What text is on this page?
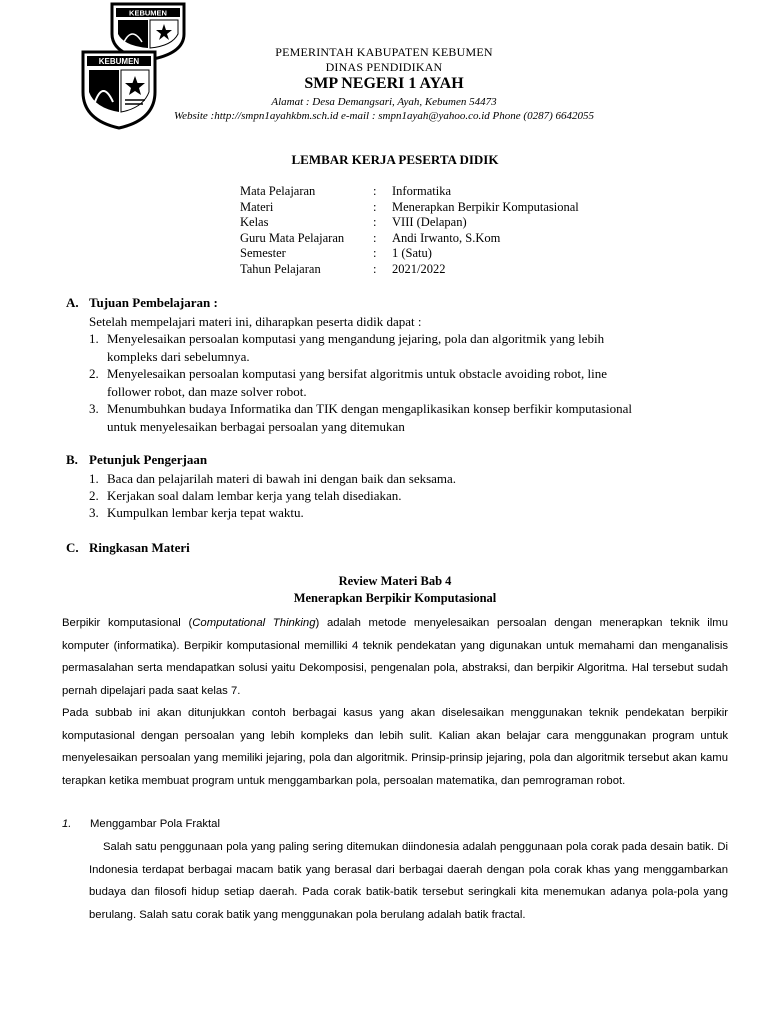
KEBUMEN
KEBUMEN
PEMERINTAH KABUPATEN KEBUMEN
DINAS PENDIDIKAN
SMP NEGERI 1 AYAH
Alamat : Desa Demangsari, Ayah, Kebumen 54473
Website :http://smpn1ayahkbm.sch.id e-mail : smpn1ayah@yahoo.co.id Phone (0287) 6642055
LEMBAR KERJA PESERTA DIDIK
Mata Pelajaran	:	Informatika
Materi	:	Menerapkan Berpikir Komputasional
Kelas	:	VIII (Delapan)
Guru Mata Pelajaran	:	Andi Irwanto, S.Kom
Semester	:	1 (Satu)
Tahun Pelajaran	:	2021/2022
A. Tujuan Pembelajaran :
Setelah mempelajari materi ini, diharapkan peserta didik dapat :
1. Menyelesaikan persoalan komputasi yang mengandung jejaring, pola dan algoritmik yang lebih
kompleks dari sebelumnya.
2. Menyelesaikan persoalan komputasi yang bersifat algoritmis untuk obstacle avoiding robot, line
follower robot, dan maze solver robot.
3. Menumbuhkan budaya Informatika dan TIK dengan mengaplikasikan konsep berfikir komputasional
untuk menyelesaikan berbagai persoalan yang ditemukan
B. Petunjuk Pengerjaan
1. Baca dan pelajarilah materi di bawah ini dengan baik dan seksama.
2. Kerjakan soal dalam lembar kerja yang telah disediakan.
3. Kumpulkan lembar kerja tepat waktu.
C. Ringkasan Materi
Review Materi Bab 4
Menerapkan Berpikir Komputasional
Berpikir komputasional (Computational Thinking) adalah metode menyelesaikan persoalan dengan menerapkan teknik ilmu komputer (informatika). Berpikir komputasional memilliki 4 teknik pendekatan yang digunakan untuk memahami dan menganalisis permasalahan serta mendapatkan solusi yaitu Dekomposisi, pengenalan pola, abstraksi, dan berpikir Algoritma. Hal tersebut sudah pernah dipelajari pada saat kelas 7.
Pada subbab ini akan ditunjukkan contoh berbagai kasus yang akan diselesaikan menggunakan teknik pendekatan berpikir komputasional dengan persoalan yang lebih kompleks dan lebih sulit. Kalian akan belajar cara menggunakan program untuk menyelesaikan persoalan yang memiliki jejaring, pola dan algoritmik. Prinsip-prinsip jejaring, pola dan algoritmik tersebut akan kamu terapkan ketika membuat program untuk menggambarkan pola, persoalan matematika, dan pemrograman robot.
1. Menggambar Pola Fraktal
Salah satu penggunaan pola yang paling sering ditemukan diindonesia adalah penggunaan pola corak pada desain batik. Di Indonesia terdapat berbagai macam batik yang berasal dari berbagai daerah dengan pola corak khas yang menggambarkan budaya dan filosofi hidup setiap daerah. Pada corak batik-batik tersebut seringkali kita menemukan adanya pola-pola yang berulang. Salah satu corak batik yang menggunakan pola berulang adalah batik fractal.
